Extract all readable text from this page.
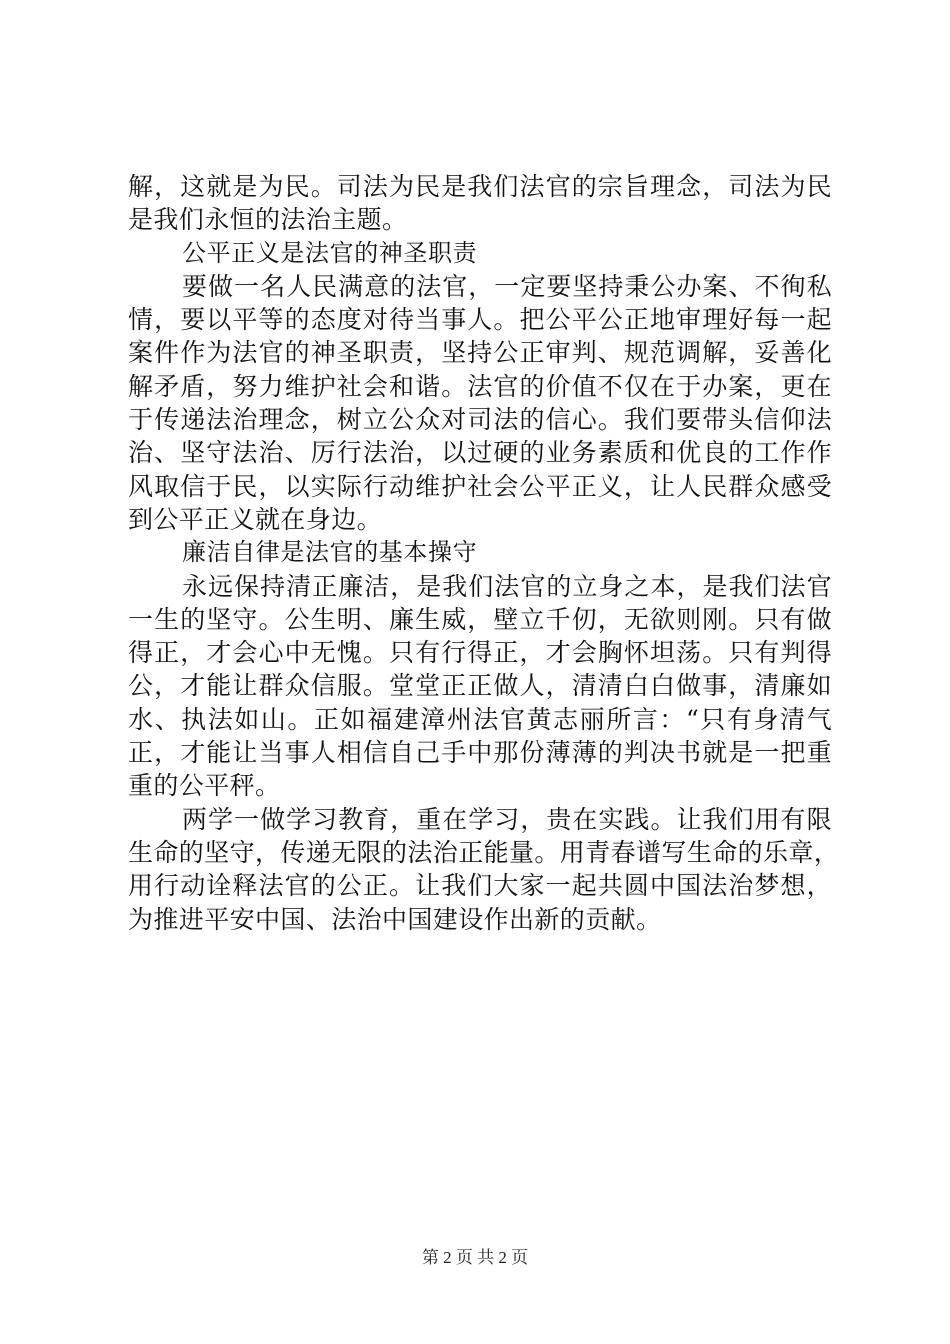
解，这就是为民。司法为民是我们法官的宗旨理念，司法为民
是我们永恒的法治主题。
公平正义是法官的神圣职责
要做一名人民满意的法官，一定要坚持秉公办案、不徇私
情，要以平等的态度对待当事人。把公平公正地审理好每一起
案件作为法官的神圣职责，坚持公正审判、规范调解，妥善化
解矛盾，努力维护社会和谐。法官的价值不仅在于办案，更在
于传递法治理念，树立公众对司法的信心。我们要带头信仰法
治、坚守法治、厉行法治，以过硬的业务素质和优良的工作作
风取信于民，以实际行动维护社会公平正义，让人民群众感受
到公平正义就在身边。
廉洁自律是法官的基本操守
永远保持清正廉洁，是我们法官的立身之本，是我们法官
一生的坚守。公生明、廉生威，壁立千仞，无欲则刚。只有做
得正，才会心中无愧。只有行得正，才会胸怀坦荡。只有判得
公，才能让群众信服。堂堂正正做人，清清白白做事，清廉如
水、执法如山。正如福建漳州法官黄志丽所言：“只有身清气
正，才能让当事人相信自己手中那份薄薄的判决书就是一把重
重的公平秤。
两学一做学习教育，重在学习，贵在实践。让我们用有限
生命的坚守，传递无限的法治正能量。用青春谱写生命的乐章，
用行动诠释法官的公正。让我们大家一起共圆中国法治梦想，
为推进平安中国、法治中国建设作出新的贡献。
第 2 页 共 2 页
